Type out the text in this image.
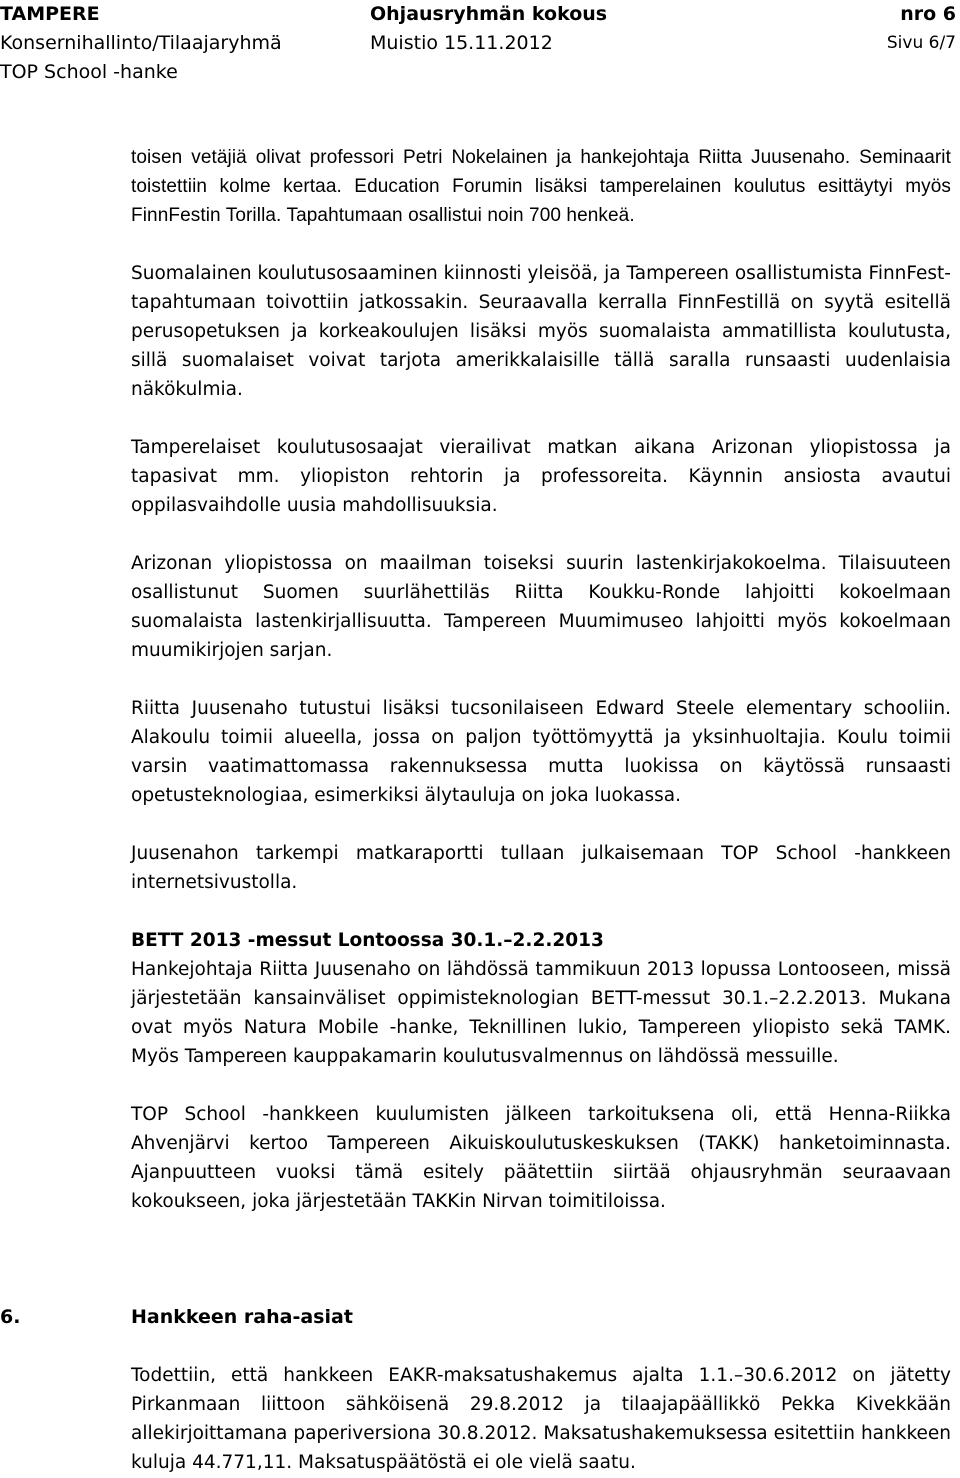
TAMPERE	Ohjausryhmän kokous	nro 6
Konsernihallinto/Tilaajaryhmä	Muistio 15.11.2012	Sivu 6/7
TOP School -hanke

toisen vetäjiä olivat professori Petri Nokelainen ja hankejohtaja Riitta Juusenaho. Seminaarit toistettiin kolme kertaa. Education Forumin lisäksi tamperelainen koulutus esittäytyi myös FinnFestin Torilla. Tapahtumaan osallistui noin 700 henkeä.

Suomalainen koulutusosaaminen kiinnosti yleisöä, ja Tampereen osallistumista FinnFest-tapahtumaan toivottiin jatkossakin. Seuraavalla kerralla FinnFestillä on syytä esitellä perusopetuksen ja korkeakoulujen lisäksi myös suomalaista ammatillista koulutusta, sillä suomalaiset voivat tarjota amerikkalaisille tällä saralla runsaasti uudenlaisia näkökulmia.

Tamperelaiset koulutusosaajat vierailivat matkan aikana Arizonan yliopistossa ja tapasivat mm. yliopiston rehtorin ja professoreita. Käynnin ansiosta avautui oppilasvaihdolle uusia mahdollisuuksia.

Arizonan yliopistossa on maailman toiseksi suurin lastenkirjakokoelma. Tilaisuuteen osallistunut Suomen suurlähettiläs Riitta Koukku-Ronde lahjoitti kokoelmaan suomalaista lastenkirjallisuutta. Tampereen Muumimuseo lahjoitti myös kokoelmaan muumikirjojen sarjan.

Riitta Juusenaho tutustui lisäksi tucsonilaiseen Edward Steele elementary schooliin. Alakoulu toimii alueella, jossa on paljon työttömyyttä ja yksinhuoltajia. Koulu toimii varsin vaatimattomassa rakennuksessa mutta luokissa on käytössä runsaasti opetusteknologiaa, esimerkiksi älytauluja on joka luokassa.

Juusenahon tarkempi matkaraportti tullaan julkaisemaan TOP School -hankkeen internetsivustolla.

BETT 2013 -messut Lontoossa 30.1.–2.2.2013

Hankejohtaja Riitta Juusenaho on lähdössä tammikuun 2013 lopussa Lontooseen, missä järjestetään kansainväliset oppimisteknologian BETT-messut 30.1.–2.2.2013. Mukana ovat myös Natura Mobile -hanke, Teknillinen lukio, Tampereen yliopisto sekä TAMK. Myös Tampereen kauppakamarin koulutusvalmennus on lähdössä messuille.

TOP School -hankkeen kuulumisten jälkeen tarkoituksena oli, että Henna-Riikka Ahvenjärvi kertoo Tampereen Aikuiskoulutuskeskuksen (TAKK) hanketoiminnasta. Ajanpuutteen vuoksi tämä esitely päätettiin siirtää ohjausryhmän seuraavaan kokoukseen, joka järjestetään TAKKin Nirvan toimitiloissa.

6.	Hankkeen raha-asiat

Todettiin, että hankkeen EAKR-maksatushakemus ajalta 1.1.–30.6.2012 on jätetty Pirkanmaan liittoon sähköisenä 29.8.2012 ja tilaajapäällikkö Pekka Kivekkään allekirjoittamana paperiversiona 30.8.2012. Maksatushakemuksessa esitettiin hankkeen kuluja 44.771,11. Maksatuspäätöstä ei ole vielä saatu.
